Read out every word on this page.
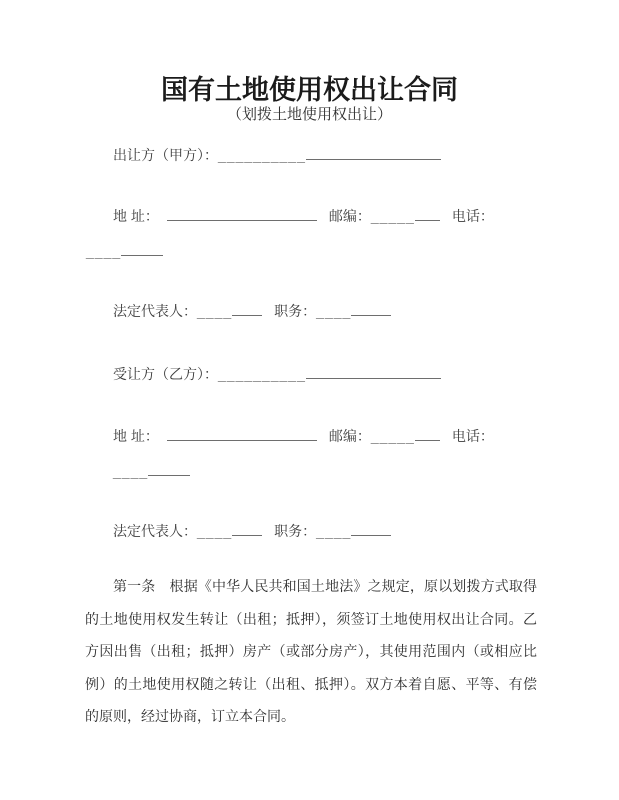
国有土地使用权出让合同
（划拨土地使用权出让）
出让方（甲方）：__________
地 址：	邮编：_____	电话：
____
法定代表人：____	职务：____
受让方（乙方）：__________
地 址：	邮编：_____	电话：
____
法定代表人：____	职务：____
第一条　根据《中华人民共和国土地法》之规定，原以划拨方式取得的土地使用权发生转让（出租；抵押），须签订土地使用权出让合同。乙方因出售（出租；抵押）房产（或部分房产），其使用范围内（或相应比例）的土地使用权随之转让（出租、抵押）。双方本着自愿、平等、有偿的原则，经过协商，订立本合同。
